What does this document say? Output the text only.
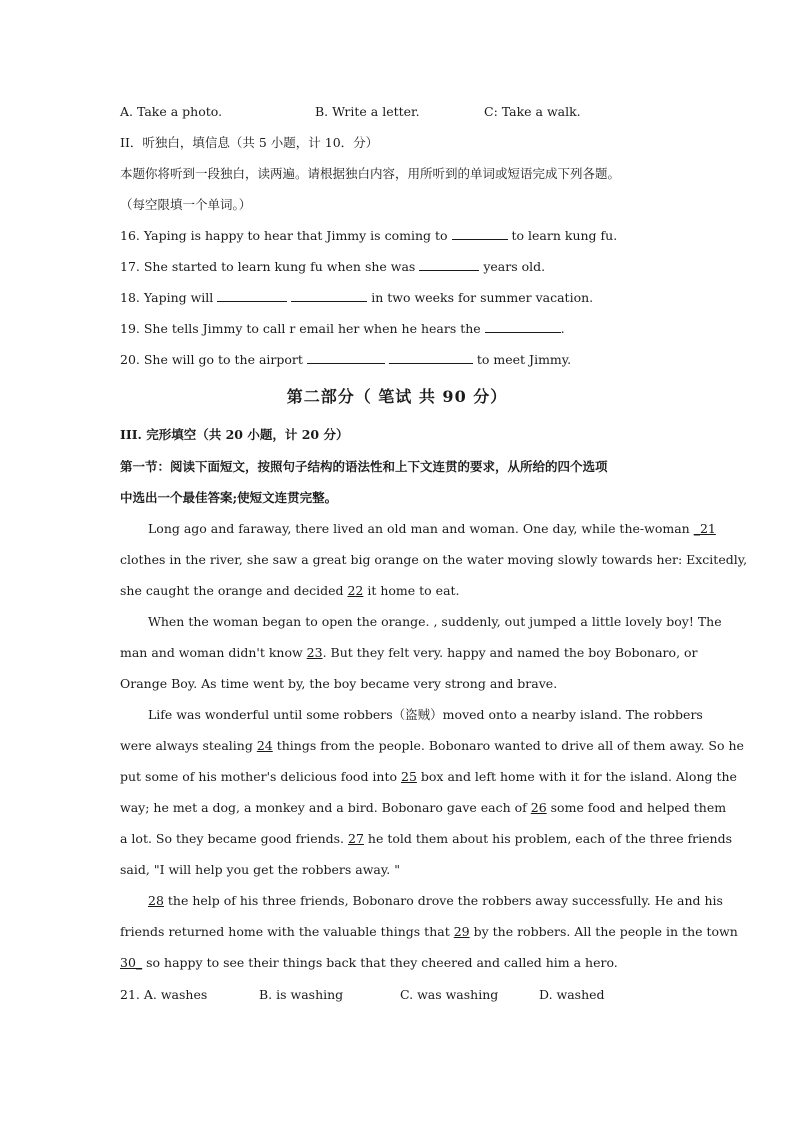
A. Take a photo.	B. Write a letter.	C: Take a walk.
II．听独白，填信息（共 5 小题，计 10．分）
本题你将听到一段独白，读两遍。请根据独白内容，用所听到的单词或短语完成下列各题。
（每空限填一个单词。）
16. Yaping is happy to hear that Jimmy is coming to	to learn kung fu.
17. She started to learn kung fu when she was	years old.
18. Yaping will	in two weeks for summer vacation.
19. She tells Jimmy to call r email her when he hears the	.
20. She will go to the airport	to meet Jimmy.
第二部分（ 笔试 共 90 分）
III. 完形填空（共 20 小题，计 20 分）
第一节：阅读下面短文，按照句子结构的语法性和上下文连贯的要求，从所给的四个选项
中选出一个最佳答案;使短文连贯完整。
Long ago and faraway, there lived an old man and woman. One day, while the-woman _21
clothes in the river, she saw a great big orange on the water moving slowly towards her: Excitedly,
she caught the orange and decided 22 it home to eat.
When the woman began to open the orange. , suddenly, out jumped a little lovely boy! The
man and woman didn't know 23. But they felt very. happy and named the boy Bobonaro, or
Orange Boy. As time went by, the boy became very strong and brave.
Life was wonderful until some robbers（盗贼）moved onto a nearby island. The robbers
were always stealing 24 things from the people. Bobonaro wanted to drive all of them away. So he
put some of his mother's delicious food into 25 box and left home with it for the island. Along the
way; he met a dog, a monkey and a bird. Bobonaro gave each of 26 some food and helped them
a lot. So they became good friends. 27 he told them about his problem, each of the three friends
said, "I will help you get the robbers away. "
28 the help of his three friends, Bobonaro drove the robbers away successfully. He and his
friends returned home with the valuable things that 29 by the robbers. All the people in the town
30_ so happy to see their things back that they cheered and called him a hero.
21. A. washes	B. is washing	C. was washing	D. washed
